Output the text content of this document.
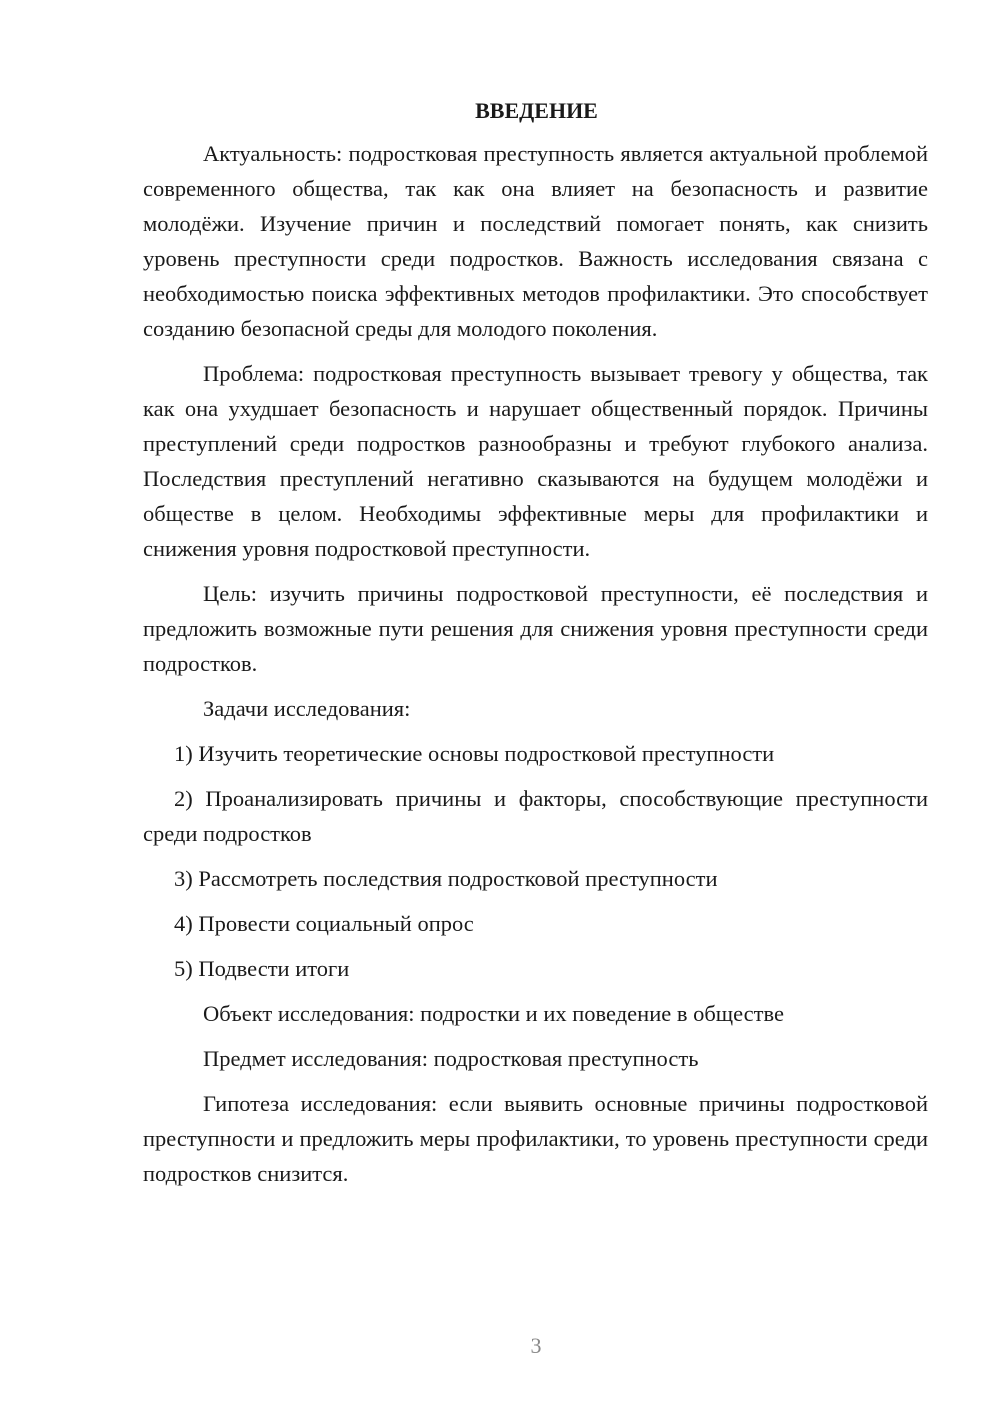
ВВЕДЕНИЕ

Актуальность: подростковая преступность является актуальной проблемой современного общества, так как она влияет на безопасность и развитие молодёжи. Изучение причин и последствий помогает понять, как снизить уровень преступности среди подростков. Важность исследования связана с необходимостью поиска эффективных методов профилактики. Это способствует созданию безопасной среды для молодого поколения.

Проблема: подростковая преступность вызывает тревогу у общества, так как она ухудшает безопасность и нарушает общественный порядок. Причины преступлений среди подростков разнообразны и требуют глубокого анализа. Последствия преступлений негативно сказываются на будущем молодёжи и обществе в целом. Необходимы эффективные меры для профилактики и снижения уровня подростковой преступности.

Цель: изучить причины подростковой преступности, её последствия и предложить возможные пути решения для снижения уровня преступности среди подростков.

Задачи исследования:

1) Изучить теоретические основы подростковой преступности

2) Проанализировать причины и факторы, способствующие преступности среди подростков

3) Рассмотреть последствия подростковой преступности

4) Провести социальный опрос

5) Подвести итоги

Объект исследования: подростки и их поведение в обществе

Предмет исследования: подростковая преступность

Гипотеза исследования: если выявить основные причины подростковой преступности и предложить меры профилактики, то уровень преступности среди подростков снизится.

3
